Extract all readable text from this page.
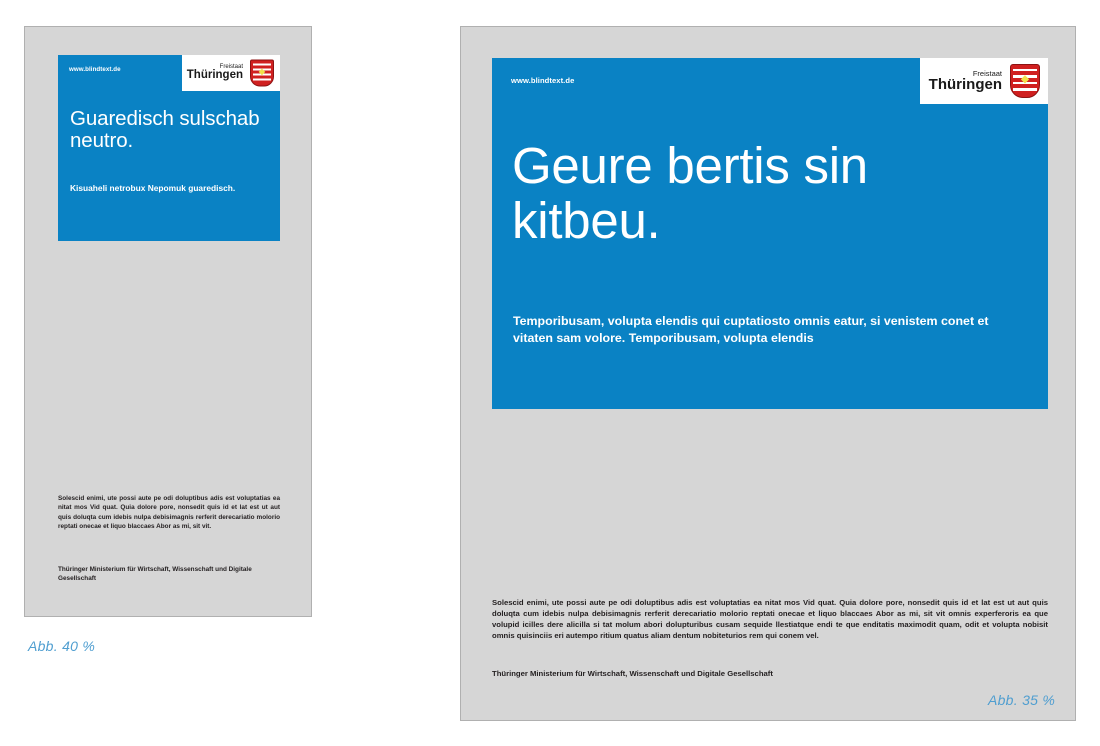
www.blindtext.de	Freistaat
Thüringen ◆
Guaredisch sulschab neutro.
Kisuaheli netrobux Nepomuk guaredisch.
Solescid enimi, ute possi aute pe odi doluptibus adis est voluptatias ea nitat mos Vid quat. Quia dolore pore, nonsedit quis id et lat est ut aut quis doluqta cum idebis nulpa debisimagnis rerferit derecariatio molorio reptati onecae et liquo blaccaes Abor as mi, sit vit.
Thüringer Ministerium für Wirtschaft, Wissenschaft und Digitale Gesellschaft
Abb. 40 %
www.blindtext.de
Freistaat
Thüringen ◆
Geure bertis sin kitbeu.
Temporibusam, volupta elendis qui cuptatiosto omnis eatur, si venistem conet et vitaten sam volore. Temporibusam, volupta elendis
Solescid enimi, ute possi aute pe odi doluptibus adis est voluptatias ea nitat mos Vid quat. Quia dolore pore, nonsedit quis id et lat est ut aut quis doluqta cum idebis nulpa debisimagnis rerferit derecariatio molorio reptati onecae et liquo blaccaes Abor as mi, sit vit omnis experferoris ea que volupid icilles dere alicilla si tat molum abori dolupturibus cusam sequide llestiatque endi te que enditatis maximodit quam, odit et volupta nobisit omnis quisinciis eri autempo ritium quatus aliam dentum nobiteturios rem qui conem vel.
Thüringer Ministerium für Wirtschaft, Wissenschaft und Digitale Gesellschaft
Abb. 35 %
